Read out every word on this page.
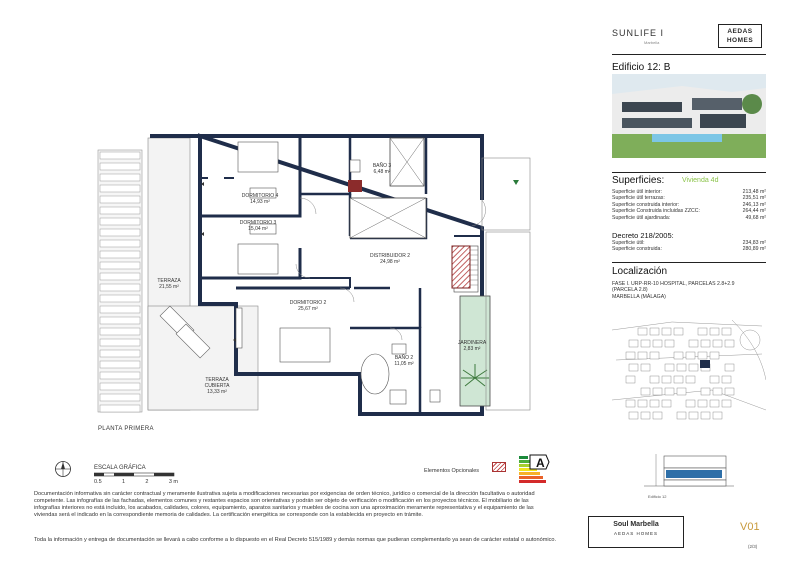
DORMITORIO 4
14,93 m²
BAÑO 3
6,48 m²
DORMITORIO 3
15,04 m²
DISTRIBUIDOR 2
24,98 m²
TERRAZA
21,55 m²
DORMITORIO 2
25,67 m²
JARDINERA
2,83 m²
BAÑO 2
11,05 m²
TERRAZA CUBIERTA
13,33 m²
PLANTA PRIMERA
ESCALA GRÁFICA
0.5	1	2	3 m
Elementos Opcionales
A
Documentación informativa sin carácter contractual y meramente ilustrativa sujeta a modificaciones necesarias por exigencias de orden técnico, jurídico o comercial de la dirección facultativa o autoridad competente. Las infografías de las fachadas, elementos comunes y restantes espacios son orientativas y podrán ser objeto de verificación o modificación en los proyectos técnicos. El mobiliario de las infografías interiores no está incluido, los acabados, calidades, colores, equipamiento, aparatos sanitarios y muebles de cocina son una aproximación meramente representativa y el equipamiento de las viviendas será el indicado en la correspondiente memoria de calidades. La certificación energética se corresponde con la establecida en proyecto en trámite.
Toda la información y entrega de documentación se llevará a cabo conforme a lo dispuesto en el Real Decreto 515/1989 y demás normas que pudieran complementarlo ya sean de carácter estatal o autonómico.
SUNLIFE I
Marbella
AEDAS
HOMES
Edificio 12: B
Superficies:	Vivienda 4d
Superficie útil interior:	213,48 m²
Superficie útil terrazas:	235,51 m²
Superficie construida interior:	246,13 m²
Superficie Construida incluidas ZZCC:	264,44 m²
Superficie útil ajardinada:	49,68 m²
Decreto 218/2005:
Superficie útil:	234,83 m²
Superficie construida:	280,89 m²
Localización
FASE I. URP-RR-10 HOSPITAL, PARCELAS 2.8+2.9
(PARCELA 2.8)
MARBELLA (MÁLAGA)
Edificio 12
Soul Marbella
AEDAS HOMES
V01
(2/3)
